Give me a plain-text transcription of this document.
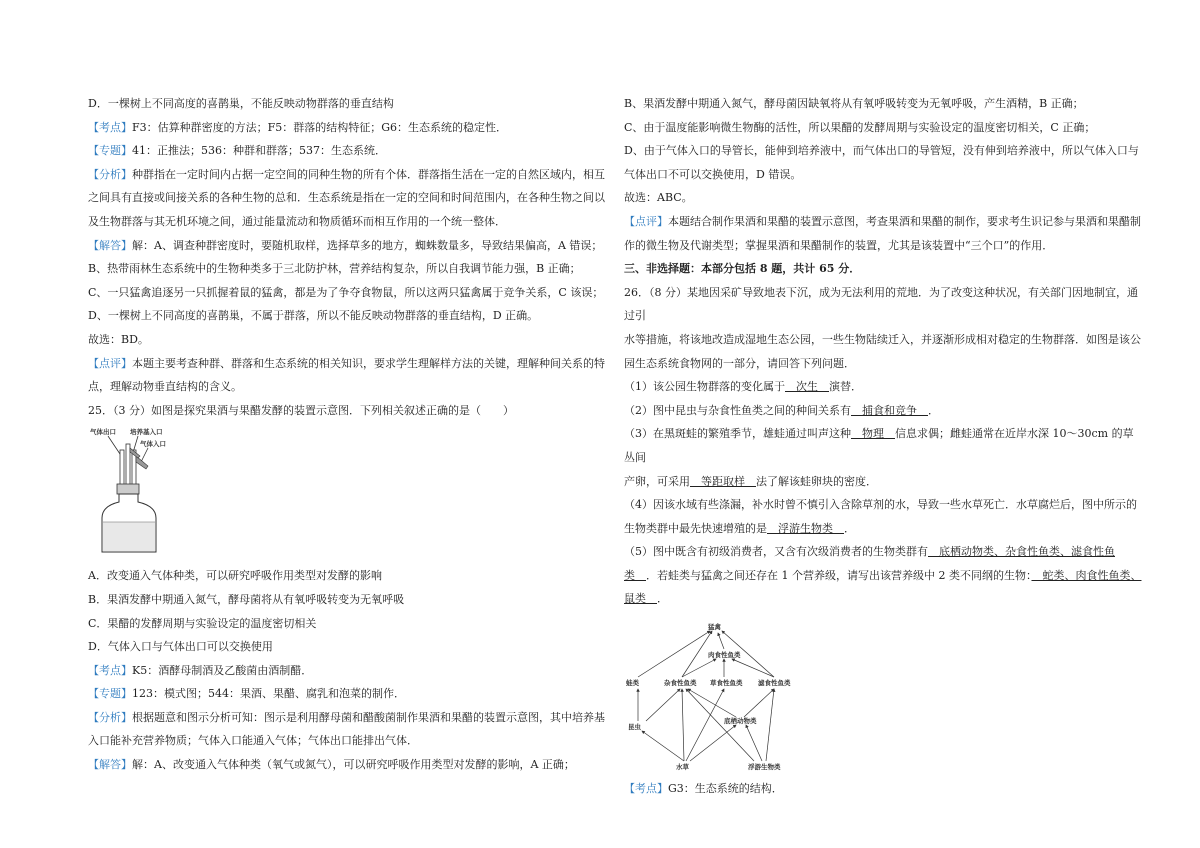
D．一棵树上不同高度的喜鹊巢，不能反映动物群落的垂直结构

【考点】F3：估算种群密度的方法；F5：群落的结构特征；G6：生态系统的稳定性．

【专题】41：正推法；536：种群和群落；537：生态系统．

【分析】种群指在一定时间内占据一定空间的同种生物的所有个体．群落指生活在一定的自然区域内，相互

之间具有直接或间接关系的各种生物的总和．生态系统是指在一定的空间和时间范围内，在各种生物之间以

及生物群落与其无机环境之间，通过能量流动和物质循环而相互作用的一个统一整体．

【解答】解：A、调查种群密度时，要随机取样，选择草多的地方，蜘蛛数量多，导致结果偏高，A 错误；

B、热带雨林生态系统中的生物种类多于三北防护林，营养结构复杂，所以自我调节能力强，B 正确；

C、一只猛禽追逐另一只抓握着鼠的猛禽，都是为了争夺食物鼠，所以这两只猛禽属于竞争关系，C 该误；

D、一棵树上不同高度的喜鹊巢，不属于群落，所以不能反映动物群落的垂直结构，D 正确。

故选：BD。

【点评】本题主要考查种群、群落和生态系统的相关知识，要求学生理解样方法的关键，理解种间关系的特

点，理解动物垂直结构的含义。

25．（3 分）如图是探究果酒与果醋发酵的装置示意图．下列相关叙述正确的是（　　）

气体出口 培养基入口
气体入口

A．改变通入气体种类，可以研究呼吸作用类型对发酵的影响

B．果酒发酵中期通入氮气，酵母菌将从有氧呼吸转变为无氧呼吸

C．果醋的发酵周期与实验设定的温度密切相关

D．气体入口与气体出口可以交换使用

【考点】K5：酒酵母制酒及乙酸菌由酒制醋．

【专题】123：模式图；544：果酒、果醋、腐乳和泡菜的制作．

【分析】根据题意和图示分析可知：图示是利用酵母菌和醋酸菌制作果酒和果醋的装置示意图，其中培养基

入口能补充营养物质；气体入口能通入气体；气体出口能排出气体．

【解答】解：A、改变通入气体种类（氧气或氮气），可以研究呼吸作用类型对发酵的影响，A 正确；

B、果酒发酵中期通入氮气，酵母菌因缺氧将从有氧呼吸转变为无氧呼吸，产生酒精，B 正确；

C、由于温度能影响微生物酶的活性，所以果醋的发酵周期与实验设定的温度密切相关，C 正确；

D、由于气体入口的导管长，能伸到培养液中，而气体出口的导管短，没有伸到培养液中，所以气体入口与

气体出口不可以交换使用，D 错误。

故选：ABC。

【点评】本题结合制作果酒和果醋的装置示意图，考查果酒和果醋的制作，要求考生识记参与果酒和果醋制

作的微生物及代谢类型；掌握果酒和果醋制作的装置，尤其是该装置中“三个口”的作用．

三、非选择题：本部分包括 8 题，共计 65 分．

26．（8 分）某地因采矿导致地表下沉，成为无法利用的荒地．为了改变这种状况，有关部门因地制宜，通过引

水等措施，将该地改造成湿地生态公园，一些生物陆续迁入，并逐渐形成相对稳定的生物群落．如图是该公

园生态系统食物网的一部分，请回答下列问题．

（1）该公园生物群落的变化属于　次生　演替．

（2）图中昆虫与杂食性鱼类之间的种间关系有　捕食和竞争　．

（3）在黑斑蛙的繁殖季节，雄蛙通过叫声这种　物理　信息求偶；雌蛙通常在近岸水深 10～30cm 的草丛间

产卵，可采用　等距取样　法了解该蛙卵块的密度．

（4）因该水域有些涤漏，补水时曾不慎引入含除草剂的水，导致一些水草死亡．水草腐烂后，图中所示的

生物类群中最先快速增殖的是　浮游生物类　．

（5）图中既含有初级消费者，又含有次级消费者的生物类群有　底栖动物类、杂食性鱼类、滤食性鱼

类　．若蛙类与猛禽之间还存在 1 个营养级，请写出该营养级中 2 类不同纲的生物：　蛇类、肉食性鱼类、

鼠类　．

猛禽
肉食性鱼类
蛙类	杂食性鱼类 草食性鱼类 滤食性鱼类
底栖动物类
昆虫
水草	浮游生物类

【考点】G3：生态系统的结构．
